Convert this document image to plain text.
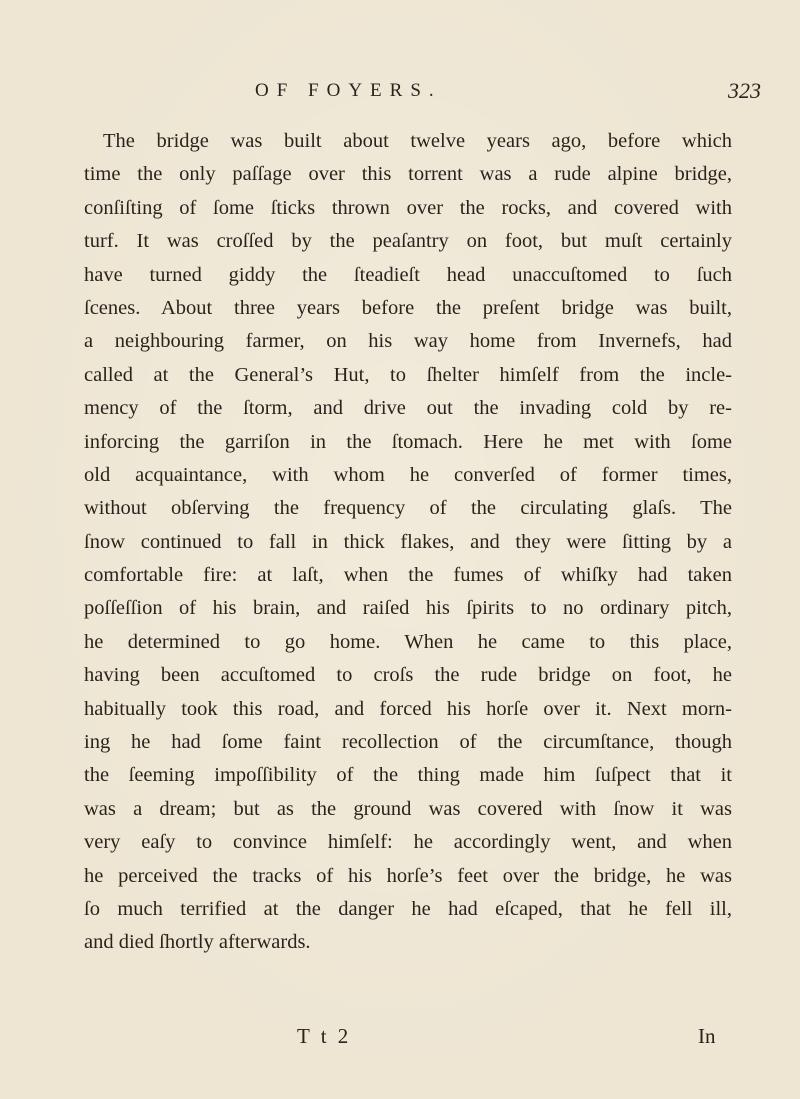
OF FOYERS.	323
The bridge was built about twelve years ago, before which
time the only paſſage over this torrent was a rude alpine bridge,
conſiſting of ſome ſticks thrown over the rocks, and covered with
turf. It was croſſed by the peaſantry on foot, but muſt certainly
have turned giddy the ſteadieſt head unaccuſtomed to ſuch
ſcenes. About three years before the preſent bridge was built,
a neighbouring farmer, on his way home from Invernefs, had
called at the General’s Hut, to ſhelter himſelf from the incle-
mency of the ſtorm, and drive out the invading cold by re-
inforcing the garriſon in the ſtomach. Here he met with ſome
old acquaintance, with whom he converſed of former times,
without obſerving the frequency of the circulating glaſs. The
ſnow continued to fall in thick flakes, and they were ſitting by a
comfortable fire: at laſt, when the fumes of whiſky had taken
poſſeſſion of his brain, and raiſed his ſpirits to no ordinary pitch,
he determined to go home. When he came to this place,
having been accuſtomed to croſs the rude bridge on foot, he
habitually took this road, and forced his horſe over it. Next morn-
ing he had ſome faint recollection of the circumſtance, though
the ſeeming impoſſibility of the thing made him ſuſpect that it
was a dream; but as the ground was covered with ſnow it was
very eaſy to convince himſelf: he accordingly went, and when
he perceived the tracks of his horſe’s feet over the bridge, he was
ſo much terrified at the danger he had eſcaped, that he fell ill,
and died ſhortly afterwards.
T t 2	In
